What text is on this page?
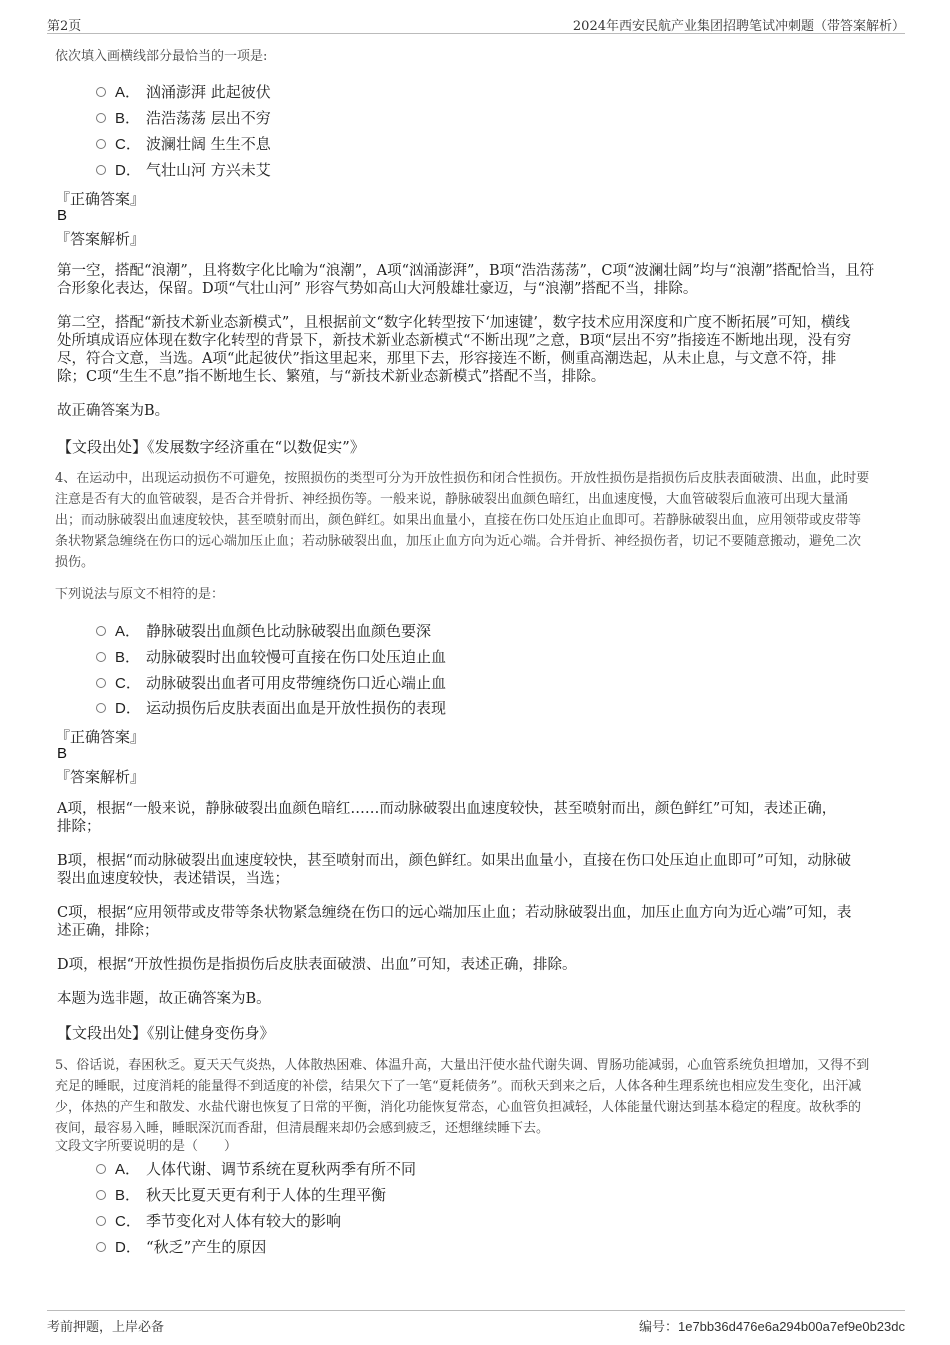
第2页	2024年西安民航产业集团招聘笔试冲刺题（带答案解析）
依次填入画横线部分最恰当的一项是:
A． 汹涌澎湃 此起彼伏
B． 浩浩荡荡 层出不穷
C． 波澜壮阔 生生不息
D． 气壮山河 方兴未艾
『正确答案』
B
『答案解析』
第一空，搭配“浪潮”，且将数字化比喻为“浪潮”，A项“汹涌澎湃”，B项“浩浩荡荡”，C项“波澜壮阔”均与“浪潮”搭配恰当，且符
合形象化表达，保留。D项“气壮山河” 形容气势如高山大河般雄壮豪迈，与“浪潮”搭配不当，排除。
第二空，搭配“新技术新业态新模式”，且根据前文“数字化转型按下‘加速键’，数字技术应用深度和广度不断拓展”可知，横线
处所填成语应体现在数字化转型的背景下，新技术新业态新模式“不断出现”之意，B项“层出不穷”指接连不断地出现，没有穷
尽，符合文意，当选。A项“此起彼伏”指这里起来，那里下去，形容接连不断，侧重高潮迭起，从未止息，与文意不符，排
除；C项“生生不息”指不断地生长、繁殖，与“新技术新业态新模式”搭配不当，排除。
故正确答案为B。
【文段出处】《发展数字经济重在“以数促实”》
4、在运动中，出现运动损伤不可避免，按照损伤的类型可分为开放性损伤和闭合性损伤。开放性损伤是指损伤后皮肤表面破溃、出血，此时要
注意是否有大的血管破裂，是否合并骨折、神经损伤等。一般来说，静脉破裂出血颜色暗红，出血速度慢，大血管破裂后血液可出现大量涌
出；而动脉破裂出血速度较快，甚至喷射而出，颜色鲜红。如果出血量小，直接在伤口处压迫止血即可。若静脉破裂出血，应用领带或皮带等
条状物紧急缠绕在伤口的远心端加压止血；若动脉破裂出血，加压止血方向为近心端。合并骨折、神经损伤者，切记不要随意搬动，避免二次
损伤。
下列说法与原文不相符的是：
A． 静脉破裂出血颜色比动脉破裂出血颜色要深
B． 动脉破裂时出血较慢可直接在伤口处压迫止血
C． 动脉破裂出血者可用皮带缠绕伤口近心端止血
D． 运动损伤后皮肤表面出血是开放性损伤的表现
『正确答案』
B
『答案解析』
A项，根据“一般来说，静脉破裂出血颜色暗红……而动脉破裂出血速度较快，甚至喷射而出，颜色鲜红”可知，表述正确，
排除；
B项，根据“而动脉破裂出血速度较快，甚至喷射而出，颜色鲜红。如果出血量小，直接在伤口处压迫止血即可”可知，动脉破
裂出血速度较快，表述错误，当选；
C项，根据“应用领带或皮带等条状物紧急缠绕在伤口的远心端加压止血；若动脉破裂出血，加压止血方向为近心端”可知，表
述正确，排除；
D项，根据“开放性损伤是指损伤后皮肤表面破溃、出血”可知，表述正确，排除。
本题为选非题，故正确答案为B。
【文段出处】《别让健身变伤身》
5、俗话说，春困秋乏。夏天天气炎热，人体散热困难、体温升高，大量出汗使水盐代谢失调、胃肠功能减弱，心血管系统负担增加，又得不到
充足的睡眠，过度消耗的能量得不到适度的补偿，结果欠下了一笔“夏耗债务”。而秋天到来之后，人体各种生理系统也相应发生变化，出汗减
少，体热的产生和散发、水盐代谢也恢复了日常的平衡，消化功能恢复常态，心血管负担减轻，人体能量代谢达到基本稳定的程度。故秋季的
夜间，最容易入睡，睡眠深沉而香甜，但清晨醒来却仍会感到疲乏，还想继续睡下去。
文段文字所要说明的是（　　）
A． 人体代谢、调节系统在夏秋两季有所不同
B． 秋天比夏天更有利于人体的生理平衡
C． 季节变化对人体有较大的影响
D． “秋乏”产生的原因
考前押题，上岸必备	编号：1e7bb36d476e6a294b00a7ef9e0b23dc
